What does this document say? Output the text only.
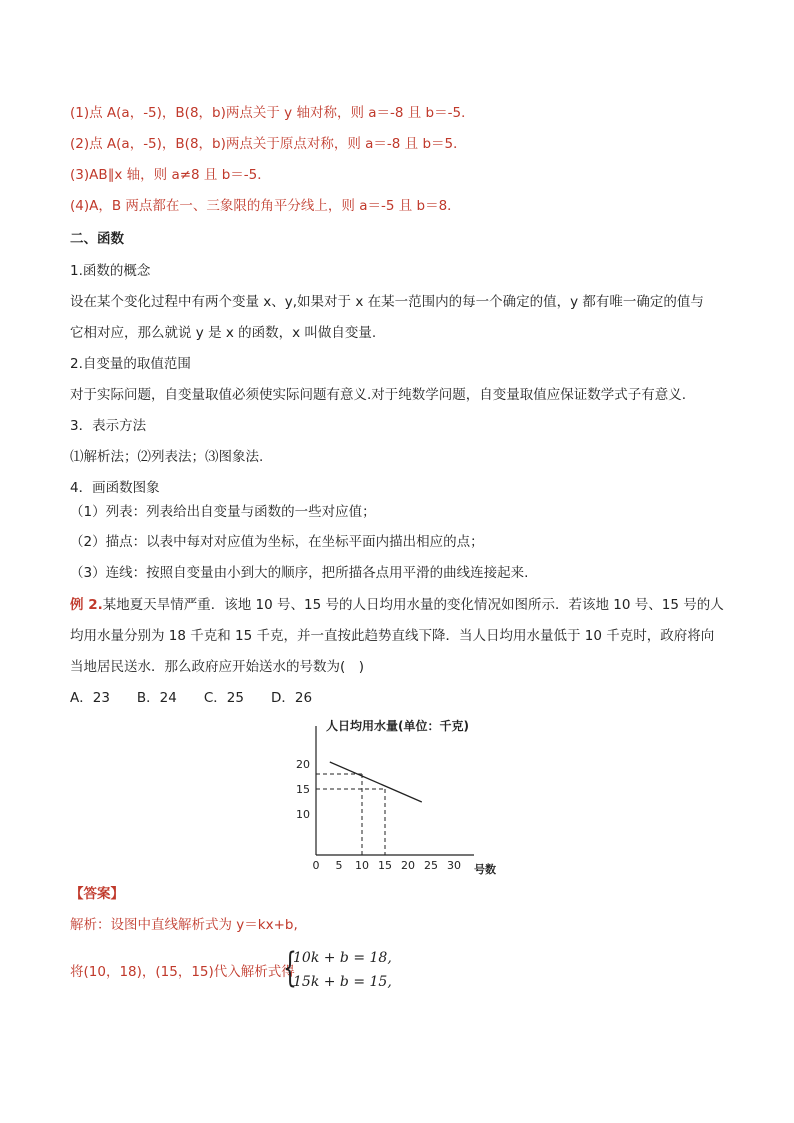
(1)点 A(a，-5)，B(8，b)两点关于 y 轴对称，则 a＝-8 且 b＝-5．
(2)点 A(a，-5)，B(8，b)两点关于原点对称，则 a＝-8 且 b＝5．
(3)AB∥x 轴，则 a≠8 且 b＝-5．
(4)A，B 两点都在一、三象限的角平分线上，则 a＝-5 且 b＝8．
二、函数
1.函数的概念
设在某个变化过程中有两个变量 x、y,如果对于 x 在某一范围内的每一个确定的值，y 都有唯一确定的值与
它相对应，那么就说 y 是 x 的函数，x 叫做自变量.
2.自变量的取值范围
对于实际问题，自变量取值必须使实际问题有意义.对于纯数学问题，自变量取值应保证数学式子有意义.
3．表示方法
⑴解析法；⑵列表法；⑶图象法.
4．画函数图象
（1）列表：列表给出自变量与函数的一些对应值；
（2）描点：以表中每对对应值为坐标，在坐标平面内描出相应的点；
（3）连线：按照自变量由小到大的顺序，把所描各点用平滑的曲线连接起来.
例 2.某地夏天旱情严重．该地 10 号、15 号的人日均用水量的变化情况如图所示．若该地 10 号、15 号的人
均用水量分别为 18 千克和 15 千克，并一直按此趋势直线下降．当人日均用水量低于 10 千克时，政府将向
当地居民送水．那么政府应开始送水的号数为(　)
A．23　　B．24　　C．25　　D．26
人日均用水量(单位：千克)
0 5 10 15 20 25 30
10
15
20
号数
【答案】
解析：设图中直线解析式为 y＝kx+b,
将(10，18)，(15，15)代入解析式得
{
10k + b = 18,
15k + b = 15,
